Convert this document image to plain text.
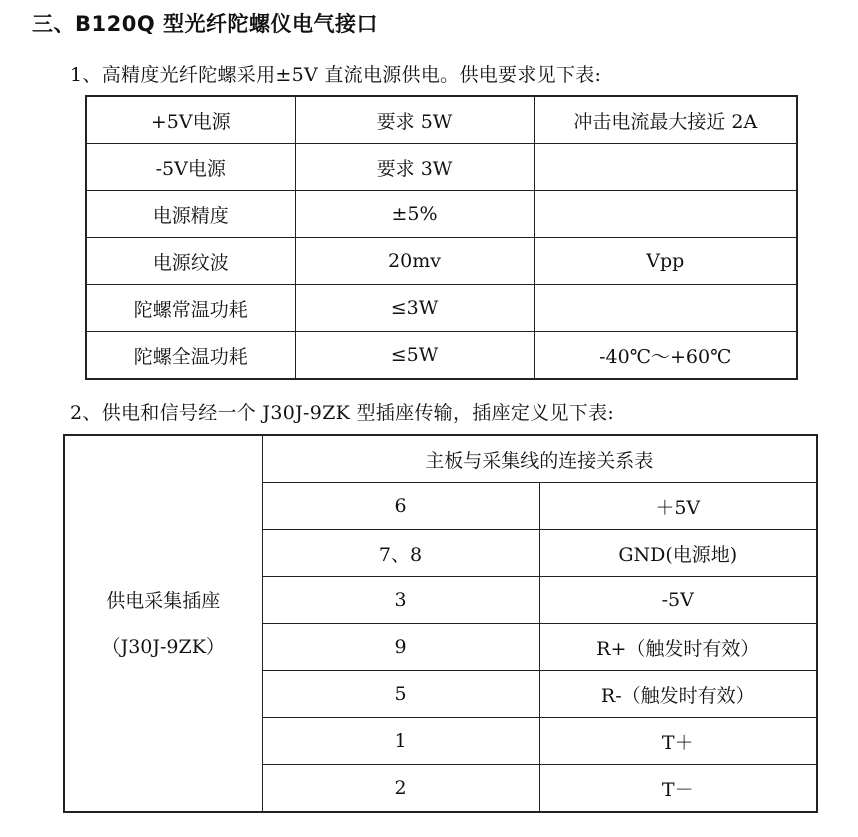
三、B120Q 型光纤陀螺仪电气接口
1、高精度光纤陀螺采用±5V 直流电源供电。供电要求见下表:
+5V电源	要求 5W	冲击电流最大接近 2A
-5V电源	要求 3W	
电源精度	±5%	
电源纹波	20mv	Vpp
陀螺常温功耗	≤3W	
陀螺全温功耗	≤5W	-40℃～+60℃
2、供电和信号经一个 J30J-9ZK 型插座传输，插座定义见下表:
供电采集插座
（J30J-9ZK）	主板与采集线的连接关系表	
	6	＋5V
	7、8	GND(电源地)
	3	-5V
	9	R+（触发时有效）
	5	R-（触发时有效）
	1	T＋
	2	T－
